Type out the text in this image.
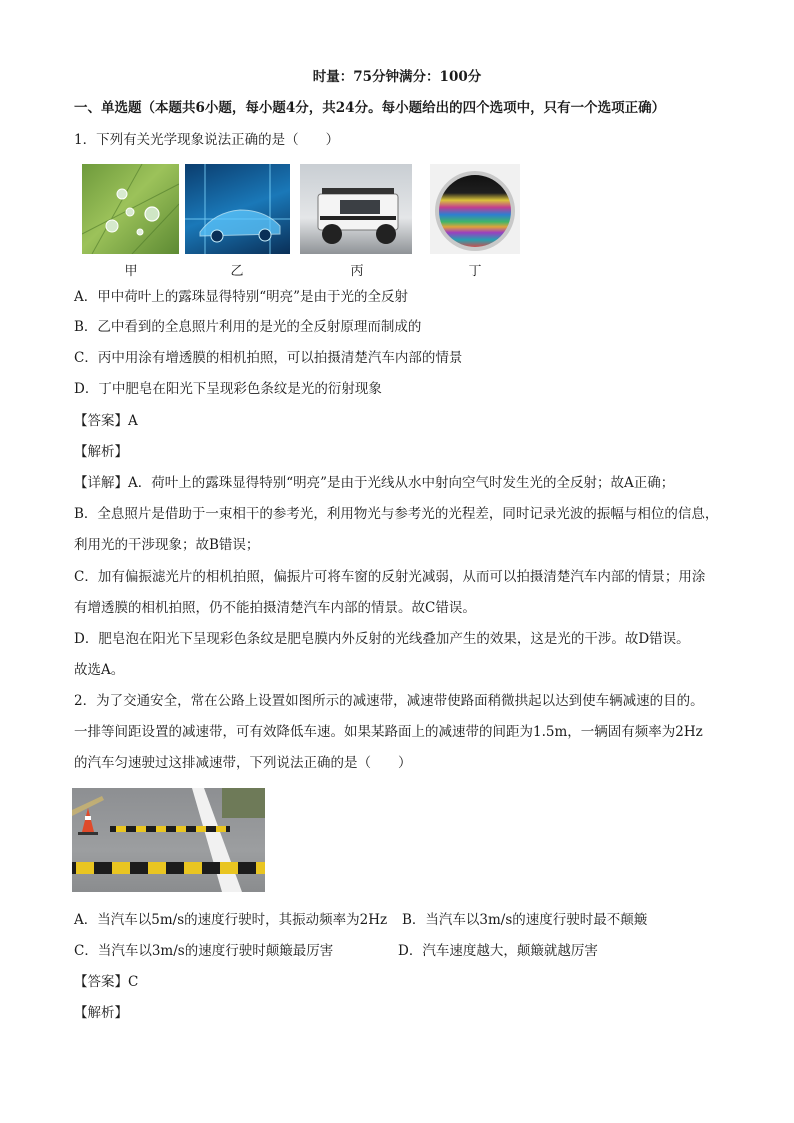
时量：75分钟满分：100分
一、单选题（本题共6小题，每小题4分，共24分。每小题给出的四个选项中，只有一个选项正确）
1．下列有关光学现象说法正确的是（　　）
甲	乙	丙	丁
A．甲中荷叶上的露珠显得特别“明亮”是由于光的全反射
B．乙中看到的全息照片利用的是光的全反射原理而制成的
C．丙中用涂有增透膜的相机拍照，可以拍摄清楚汽车内部的情景
D．丁中肥皂在阳光下呈现彩色条纹是光的衍射现象
【答案】A
【解析】
【详解】A．荷叶上的露珠显得特别“明亮”是由于光线从水中射向空气时发生光的全反射；故A正确；
B．全息照片是借助于一束相干的参考光，利用物光与参考光的光程差，同时记录光波的振幅与相位的信息，
利用光的干涉现象；故B错误；
C．加有偏振滤光片的相机拍照，偏振片可将车窗的反射光减弱，从而可以拍摄清楚汽车内部的情景；用涂
有增透膜的相机拍照，仍不能拍摄清楚汽车内部的情景。故C错误。
D．肥皂泡在阳光下呈现彩色条纹是肥皂膜内外反射的光线叠加产生的效果，这是光的干涉。故D错误。
故选A。
2．为了交通安全，常在公路上设置如图所示的减速带，减速带使路面稍微拱起以达到使车辆减速的目的。
一排等间距设置的减速带，可有效降低车速。如果某路面上的减速带的间距为1.5m，一辆固有频率为2Hz
的汽车匀速驶过这排减速带，下列说法正确的是（　　）
A．当汽车以5m/s的速度行驶时，其振动频率为2Hz B．当汽车以3m/s的速度行驶时最不颠簸
C．当汽车以3m/s的速度行驶时颠簸最厉害	D．汽车速度越大，颠簸就越厉害
【答案】C
【解析】
